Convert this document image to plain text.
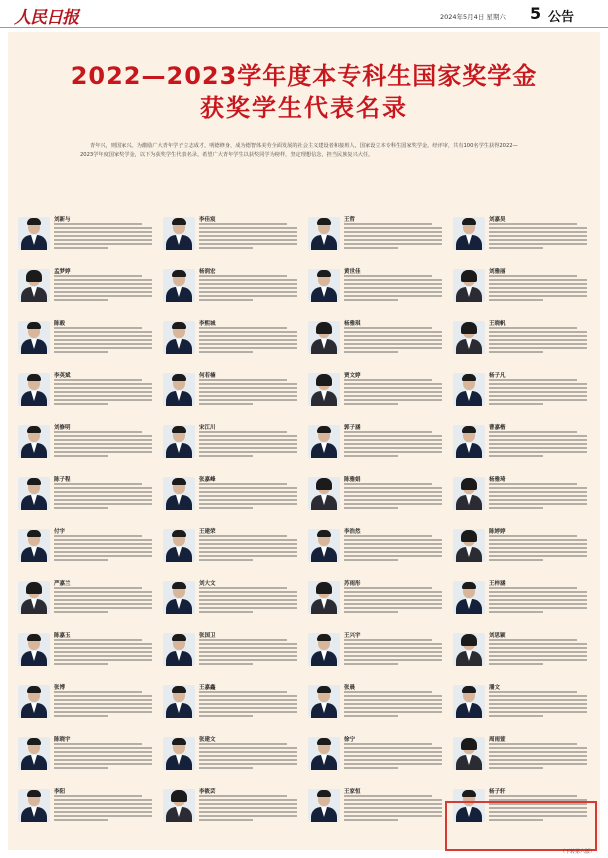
人民日报	2024年5月4日 星期六 5 公告
2022—2023学年度本专科生国家奖学金
获奖学生代表名录
青年兴，则国家兴。为激励广大青年学子立志成才，明德修身，成为德智体美劳全面发展的社会主义建设者和接班人，国家设立本专科生国家奖学金。经评审，共有100名学生获得2022—2023学年度国家奖学金，以下为获奖学生代表名录。希望广大青年学生以获奖同学为榜样，坚定理想信念，担当民族复兴大任。
刘新与	李佳宸	王哲	刘嘉昊
孟梦婷	杨润宏	黄世佳	刘雅丽
陈毅	李熙城	杨雅琪	王晓帆
李英斌	何若楠	贾文婷	杨子凡
刘修明	宋江川	郭子涵	曹嘉楷
陈子程	张嘉峰	陈雅娟	杨雅琦
付宇	王建荣	李浩然	陈婷婷
严嘉兰	刘大文	苏雨彤	王梓涵
陈嘉玉	张国卫	王兴宇	刘思颖
张博	王嘉鑫	张晨	潘文
陈晓宇	张建文	徐宁	周雨萱
李阳	李筱芸	王家恒	杨子轩
（下转第六版）
